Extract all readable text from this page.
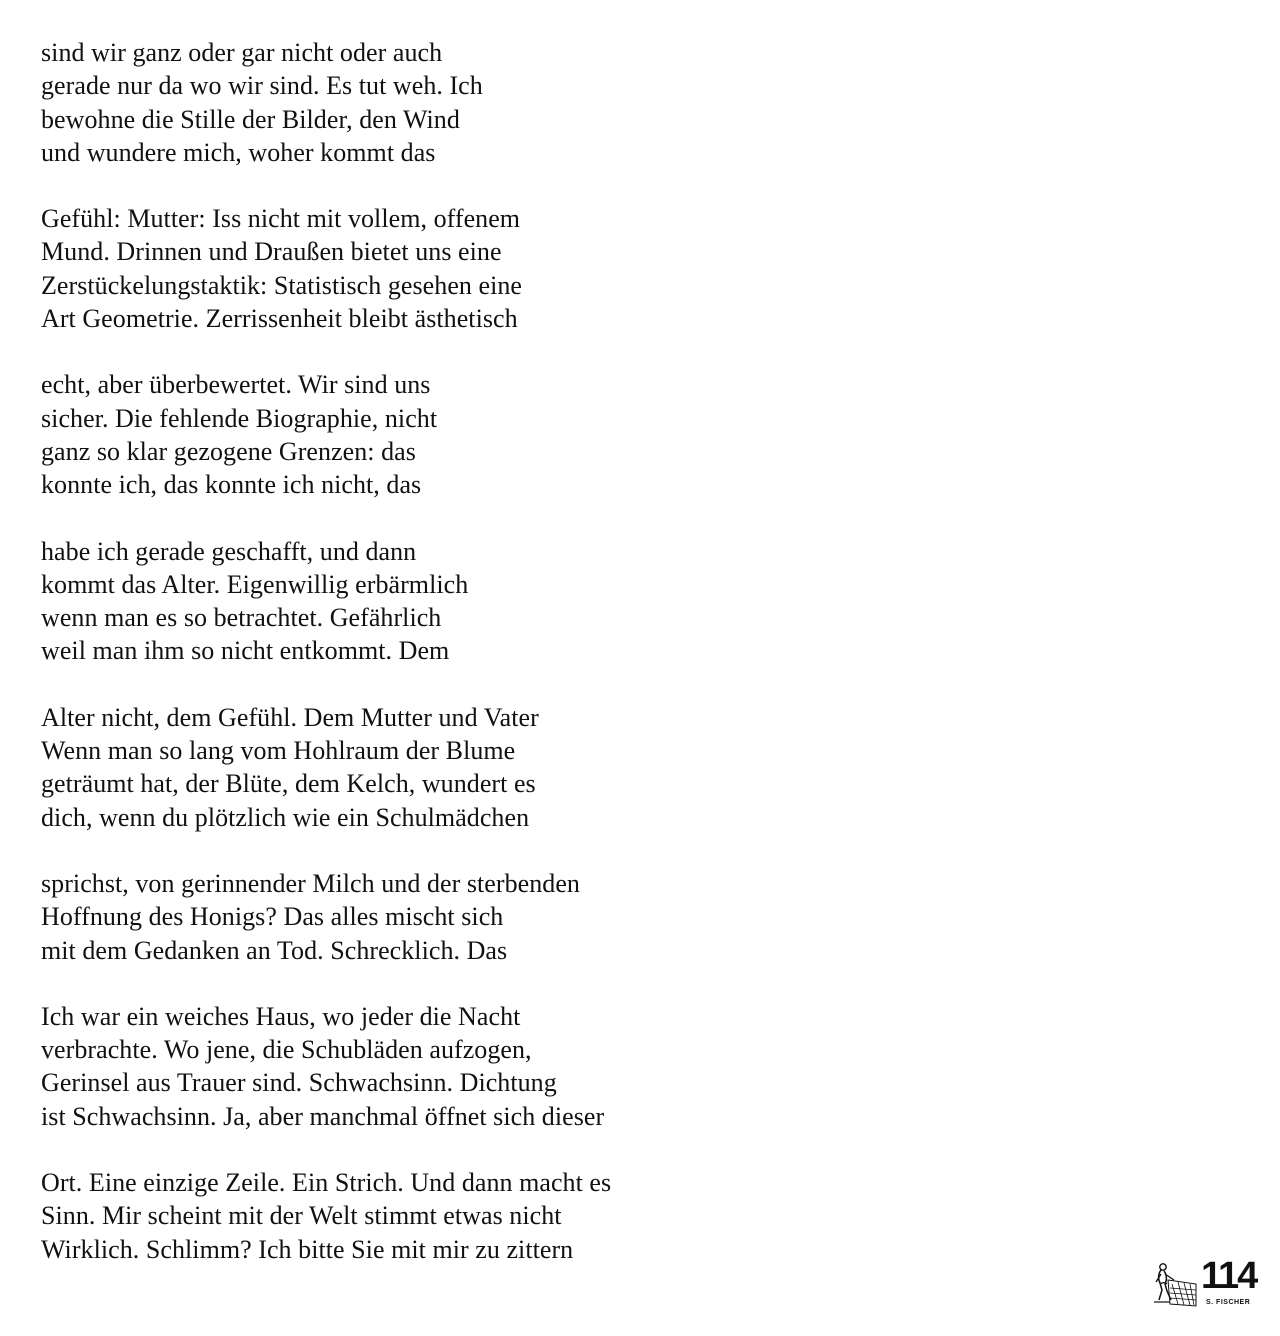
sind wir ganz oder gar nicht oder auch
gerade nur da wo wir sind. Es tut weh. Ich
bewohne die Stille der Bilder, den Wind
und wundere mich, woher kommt das
Gefühl: Mutter: Iss nicht mit vollem, offenem
Mund. Drinnen und Draußen bietet uns eine
Zerstückelungstaktik: Statistisch gesehen eine
Art Geometrie. Zerrissenheit bleibt ästhetisch
echt, aber überbewertet. Wir sind uns
sicher. Die fehlende Biographie, nicht
ganz so klar gezogene Grenzen: das
konnte ich, das konnte ich nicht, das
habe ich gerade geschafft, und dann
kommt das Alter. Eigenwillig erbärmlich
wenn man es so betrachtet. Gefährlich
weil man ihm so nicht entkommt. Dem
Alter nicht, dem Gefühl. Dem Mutter und Vater
Wenn man so lang vom Hohlraum der Blume
geträumt hat, der Blüte, dem Kelch, wundert es
dich, wenn du plötzlich wie ein Schulmädchen
sprichst, von gerinnender Milch und der sterbenden
Hoffnung des Honigs? Das alles mischt sich
mit dem Gedanken an Tod. Schrecklich. Das
Ich war ein weiches Haus, wo jeder die Nacht
verbrachte. Wo jene, die Schubläden aufzogen,
Gerinsel aus Trauer sind. Schwachsinn. Dichtung
ist Schwachsinn. Ja, aber manchmal öffnet sich dieser
Ort. Eine einzige Zeile. Ein Strich. Und dann macht es
Sinn. Mir scheint mit der Welt stimmt etwas nicht
Wirklich. Schlimm? Ich bitte Sie mit mir zu zittern
114
S. FISCHER
